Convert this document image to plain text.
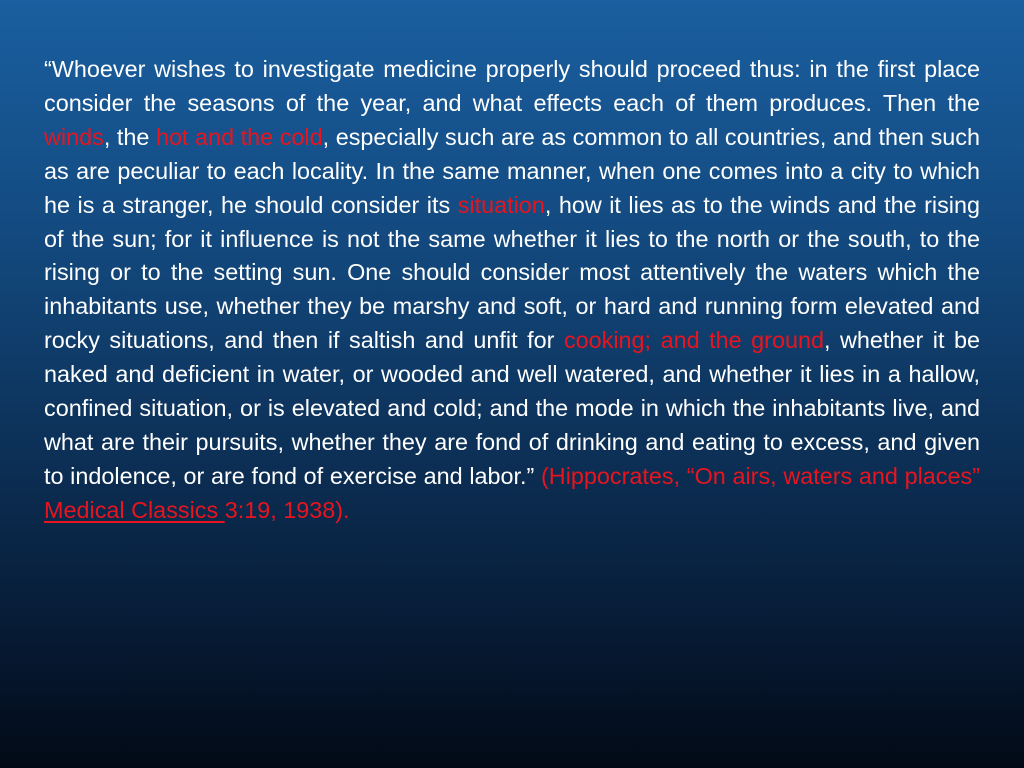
“Whoever wishes to investigate medicine properly should proceed thus: in the first place consider the seasons of the year, and what effects each of them produces. Then the winds, the hot and the cold, especially such are as common to all countries, and then such as are peculiar to each locality. In the same manner, when one comes into a city to which he is a stranger, he should consider its situation, how it lies as to the winds and the rising of the sun; for it influence is not the same whether it lies to the north or the south, to the rising or to the setting sun. One should consider most attentively the waters which the inhabitants use, whether they be marshy and soft, or hard and running form elevated and rocky situations, and then if saltish and unfit for cooking; and the ground, whether it be naked and deficient in water, or wooded and well watered, and whether it lies in a hallow, confined situation, or is elevated and cold; and the mode in which the inhabitants live, and what are their pursuits, whether they are fond of drinking and eating to excess, and given to indolence, or are fond of exercise and labor.” (Hippocrates, “On airs, waters and places” Medical Classics 3:19, 1938).
